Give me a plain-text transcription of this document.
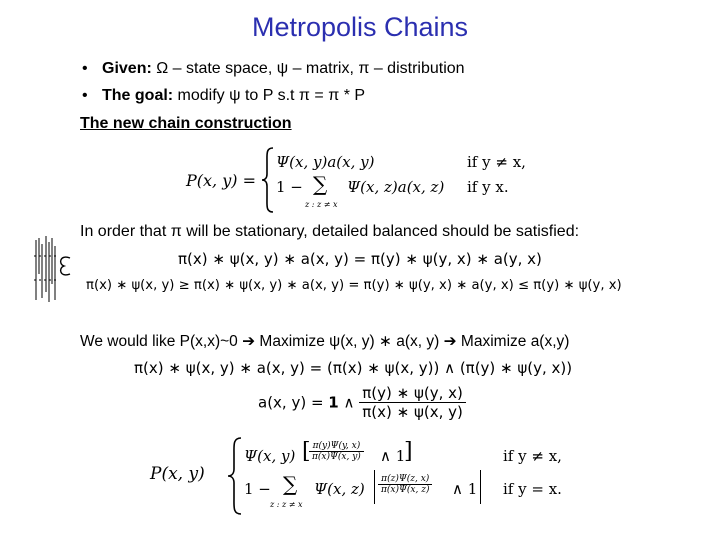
Metropolis Chains
• Given: Ω – state space, ψ – matrix, π – distribution
• The goal: modify ψ to P s.t π = π * P
The new chain construction
P(x, y) =
Ψ(x, y)a(x, y)	if y ≠ x,
1 − ∑
z : z ≠ x
Ψ(x, z)a(x, z) if y x.
In order that π will be stationary, detailed balanced should be satisfied:
π(x) ∗ ψ(x, y) ∗ a(x, y) = π(y) ∗ ψ(y, x) ∗ a(y, x)
π(x) ∗ ψ(x, y) ≥ π(x) ∗ ψ(x, y) ∗ a(x, y) = π(y) ∗ ψ(y, x) ∗ a(y, x) ≤ π(y) ∗ ψ(y, x)
We would like P(x,x)~0 ➔ Maximize ψ(x, y) ∗ a(x, y) ➔ Maximize a(x,y)
π(x) ∗ ψ(x, y) ∗ a(x, y) = (π(x) ∗ ψ(x, y)) ∧ (π(y) ∗ ψ(y, x))
a(x, y) = 1 ∧ $\frac{\pi(y) ∗ \psi(y, x)}{\pi(x) ∗ \psi(x, y)}$
P(x, y)
Ψ(x, y) [
$\frac{\pi(y)\Psi(y, x)}{\pi(x)\Psi(x, y)}$ ∧ 1
]	if y ≠ x,
1 − ∑
z : z ≠ x
Ψ(x, $z) \frac{\pi(z)\Psi(z, x)}{\pi(x)\Psi(x, z)}$ ∧ 1 if y = x.
